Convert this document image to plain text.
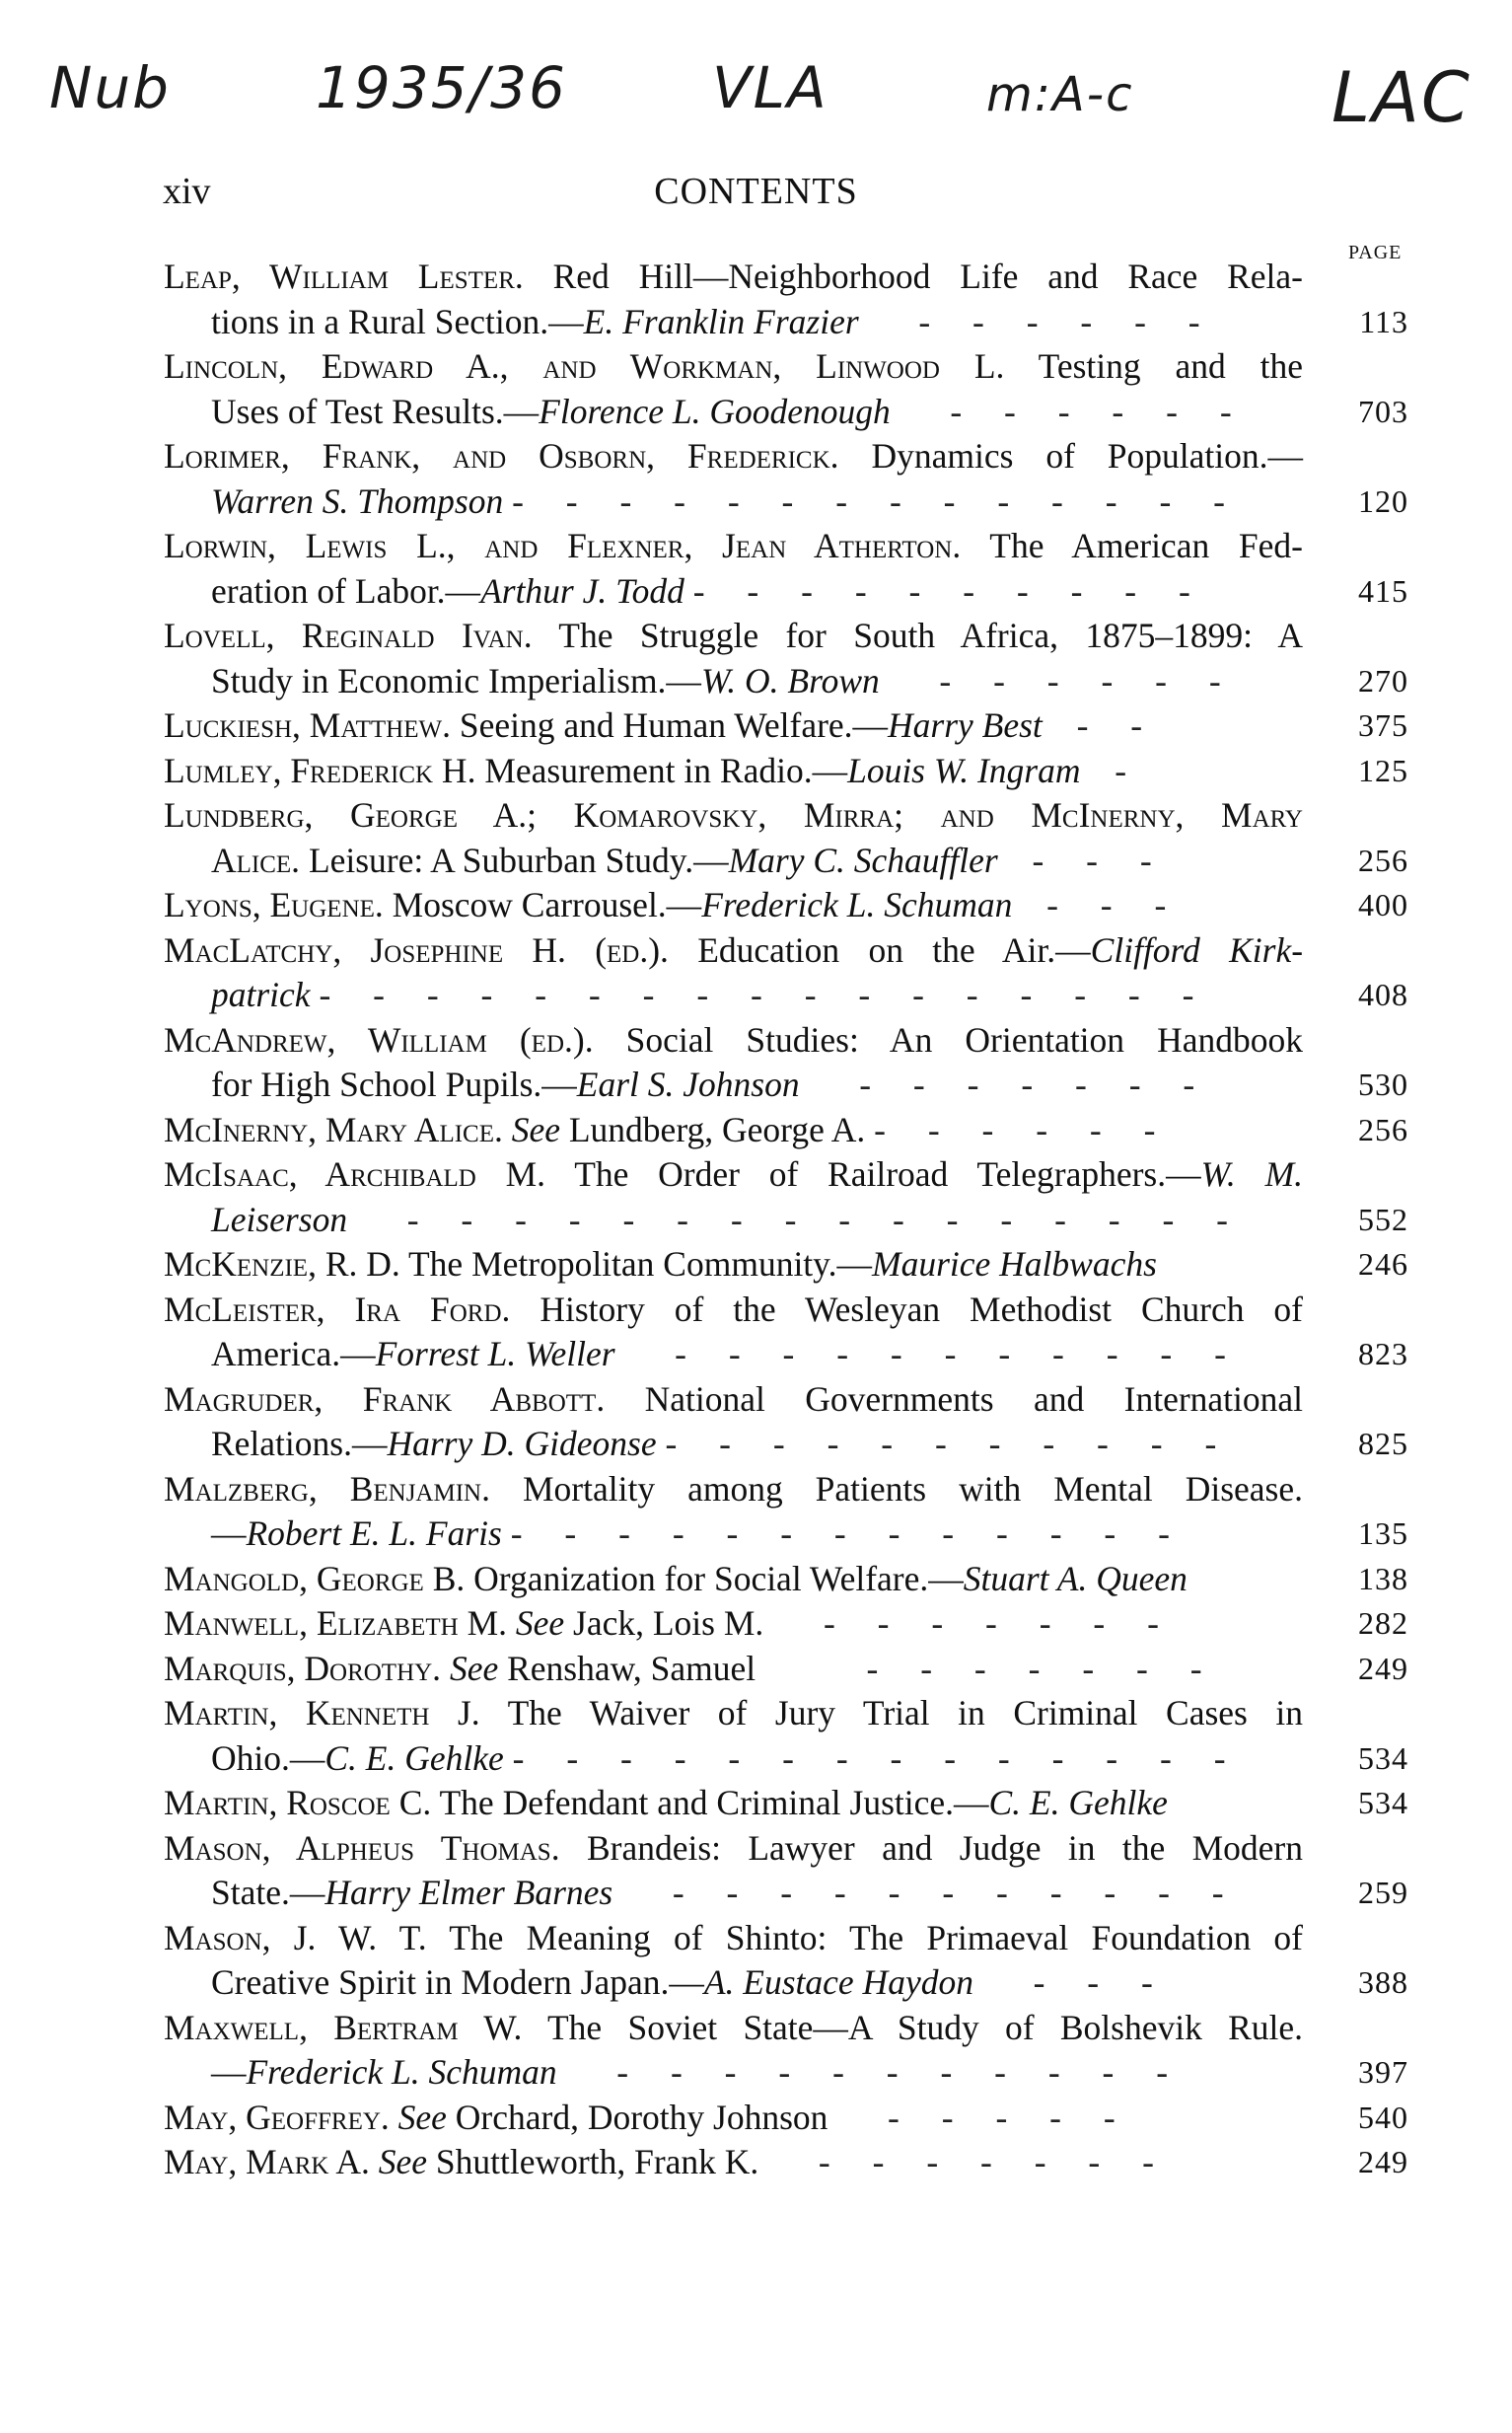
Nub	1935/36	VLA	m:A-c	LAC
xiv	CONTENTS
PAGE
Leap, William Lester. Red Hill—Neighborhood Life and Race Rela-
tions in a Rural Section.—E. Franklin Frazier   - - - - - -	113
Lincoln, Edward A., and Workman, Linwood L. Testing and the
Uses of Test Results.—Florence L. Goodenough   - - - - - -	703
Lorimer, Frank, and Osborn, Frederick. Dynamics of Population.—
Warren S. Thompson - - - - - - - - - - - - - -	120
Lorwin, Lewis L., and Flexner, Jean Atherton. The American Fed-
eration of Labor.—Arthur J. Todd - - - - - - - - - -	415
Lovell, Reginald Ivan. The Struggle for South Africa, 1875–1899: A
Study in Economic Imperialism.—W. O. Brown   - - - - - -	270
Luckiesh, Matthew. Seeing and Human Welfare.—Harry Best  - -	375
Lumley, Frederick H. Measurement in Radio.—Louis W. Ingram  -	125
Lundberg, George A.; Komarovsky, Mirra; and McInerny, Mary
Alice. Leisure: A Suburban Study.—Mary C. Schauffler  - - -	256
Lyons, Eugene. Moscow Carrousel.—Frederick L. Schuman  - - -	400
MacLatchy, Josephine H. (ed.). Education on the Air.—Clifford Kirk-
patrick - - - - - - - - - - - - - - - - -	408
McAndrew, William (ed.). Social Studies: An Orientation Handbook
for High School Pupils.—Earl S. Johnson   - - - - - - -	530
McInerny, Mary Alice. See Lundberg, George A. - - - - - -	256
McIsaac, Archibald M. The Order of Railroad Telegraphers.—W. M.
Leiserson   - - - - - - - - - - - - - - - -	552
McKenzie, R. D. The Metropolitan Community.—Maurice Halbwachs	246
McLeister, Ira Ford. History of the Wesleyan Methodist Church of
America.—Forrest L. Weller   - - - - - - - - - - -	823
Magruder, Frank Abbott. National Governments and International
Relations.—Harry D. Gideonse - - - - - - - - - - -	825
Malzberg, Benjamin. Mortality among Patients with Mental Disease.
—Robert E. L. Faris - - - - - - - - - - - - -	135
Mangold, George B. Organization for Social Welfare.—Stuart A. Queen	138
Manwell, Elizabeth M. See Jack, Lois M.   - - - - - - -	282
Marquis, Dorothy. See Renshaw, Samuel     - - - - - - -	249
Martin, Kenneth J. The Waiver of Jury Trial in Criminal Cases in
Ohio.—C. E. Gehlke - - - - - - - - - - - - - -	534
Martin, Roscoe C. The Defendant and Criminal Justice.—C. E. Gehlke	534
Mason, Alpheus Thomas. Brandeis: Lawyer and Judge in the Modern
State.—Harry Elmer Barnes   - - - - - - - - - - -	259
Mason, J. W. T. The Meaning of Shinto: The Primaeval Foundation of
Creative Spirit in Modern Japan.—A. Eustace Haydon   - - -	388
Maxwell, Bertram W. The Soviet State—A Study of Bolshevik Rule.
—Frederick L. Schuman   - - - - - - - - - - -	397
May, Geoffrey. See Orchard, Dorothy Johnson   - - - - -	540
May, Mark A. See Shuttleworth, Frank K.   - - - - - - -	249
